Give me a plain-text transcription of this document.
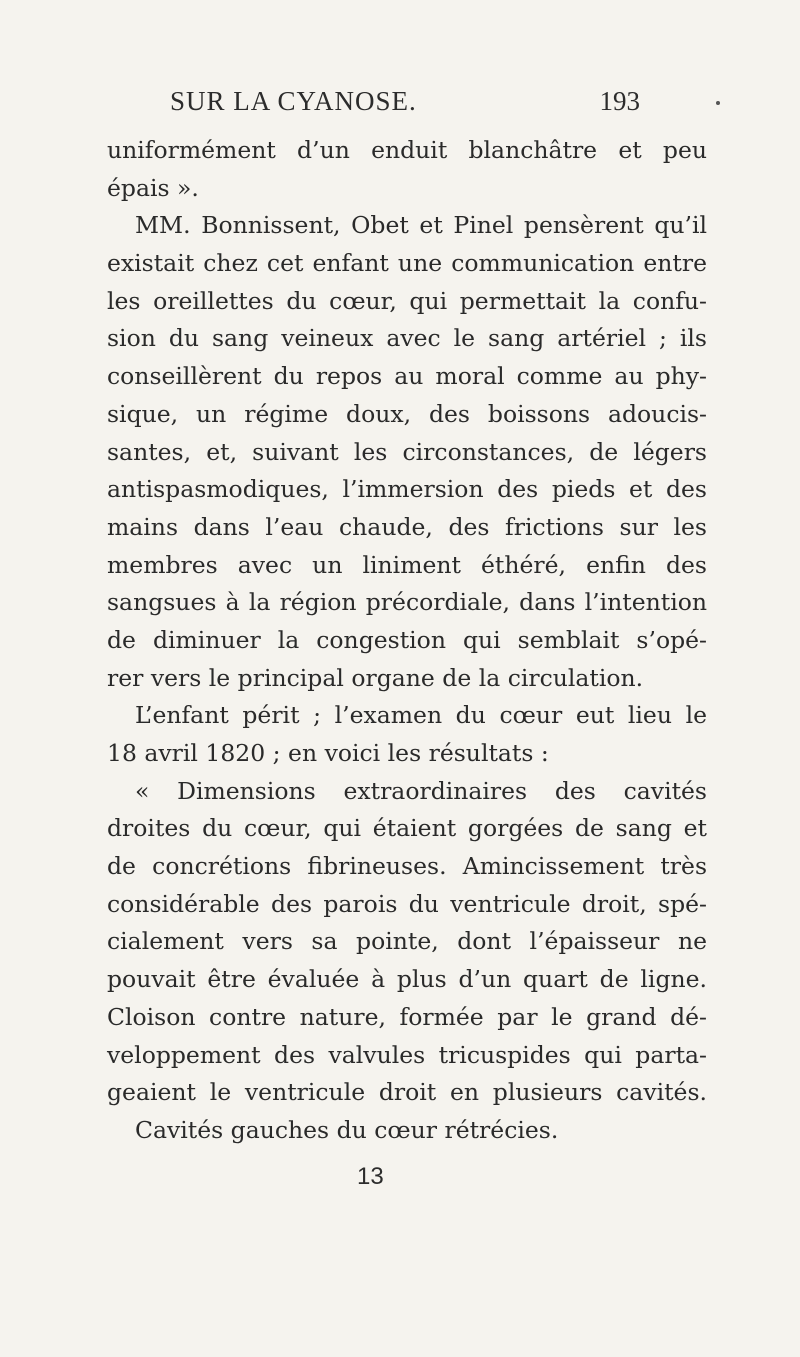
SUR LA CYANOSE.	193
uniformément d’un enduit blanchâtre et peu
épais ».
MM. Bonnissent, Obet et Pinel pensèrent qu’il
existait chez cet enfant une communication entre
les oreillettes du cœur, qui permettait la confu-
sion du sang veineux avec le sang artériel ; ils
conseillèrent du repos au moral comme au phy-
sique, un régime doux, des boissons adoucis-
santes, et, suivant les circonstances, de légers
antispasmodiques, l’immersion des pieds et des
mains dans l’eau chaude, des frictions sur les
membres avec un liniment éthéré, enfin des
sangsues à la région précordiale, dans l’intention
de diminuer la congestion qui semblait s’opé-
rer vers le principal organe de la circulation.
L’enfant périt ; l’examen du cœur eut lieu le
18 avril 1820 ; en voici les résultats :
« Dimensions extraordinaires des cavités
droites du cœur, qui étaient gorgées de sang et
de concrétions fibrineuses. Amincissement très
considérable des parois du ventricule droit, spé-
cialement vers sa pointe, dont l’épaisseur ne
pouvait être évaluée à plus d’un quart de ligne.
Cloison contre nature, formée par le grand dé-
veloppement des valvules tricuspides qui parta-
geaient le ventricule droit en plusieurs cavités.
Cavités gauches du cœur rétrécies.
13
